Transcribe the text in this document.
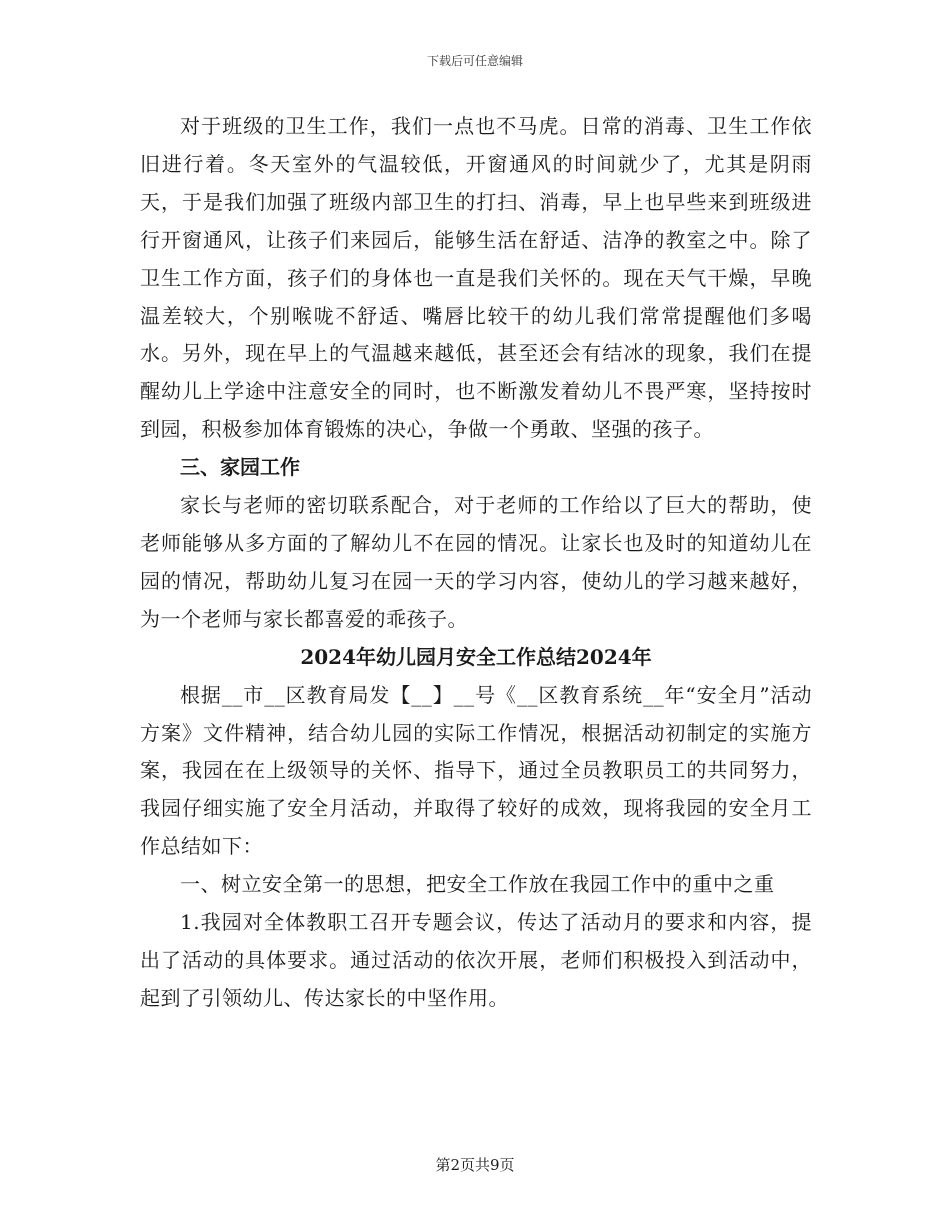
下载后可任意编辑

对于班级的卫生工作，我们一点也不马虎。日常的消毒、卫生工作依旧进行着。冬天室外的气温较低，开窗通风的时间就少了，尤其是阴雨天，于是我们加强了班级内部卫生的打扫、消毒，早上也早些来到班级进行开窗通风，让孩子们来园后，能够生活在舒适、洁净的教室之中。除了卫生工作方面，孩子们的身体也一直是我们关怀的。现在天气干燥，早晚温差较大，个别喉咙不舒适、嘴唇比较干的幼儿我们常常提醒他们多喝水。另外，现在早上的气温越来越低，甚至还会有结冰的现象，我们在提醒幼儿上学途中注意安全的同时，也不断激发着幼儿不畏严寒，坚持按时到园，积极参加体育锻炼的决心，争做一个勇敢、坚强的孩子。

三、家园工作

家长与老师的密切联系配合，对于老师的工作给以了巨大的帮助，使老师能够从多方面的了解幼儿不在园的情况。让家长也及时的知道幼儿在园的情况，帮助幼儿复习在园一天的学习内容，使幼儿的学习越来越好，为一个老师与家长都喜爱的乖孩子。

2024年幼儿园月安全工作总结2024年

根据__市__区教育局发【__】__号《__区教育系统__年“安全月”活动方案》文件精神，结合幼儿园的实际工作情况，根据活动初制定的实施方案，我园在在上级领导的关怀、指导下，通过全员教职员工的共同努力，我园仔细实施了安全月活动，并取得了较好的成效，现将我园的安全月工作总结如下：

一、树立安全第一的思想，把安全工作放在我园工作中的重中之重

1.我园对全体教职工召开专题会议，传达了活动月的要求和内容，提出了活动的具体要求。通过活动的依次开展，老师们积极投入到活动中，起到了引领幼儿、传达家长的中坚作用。

第2页共9页
